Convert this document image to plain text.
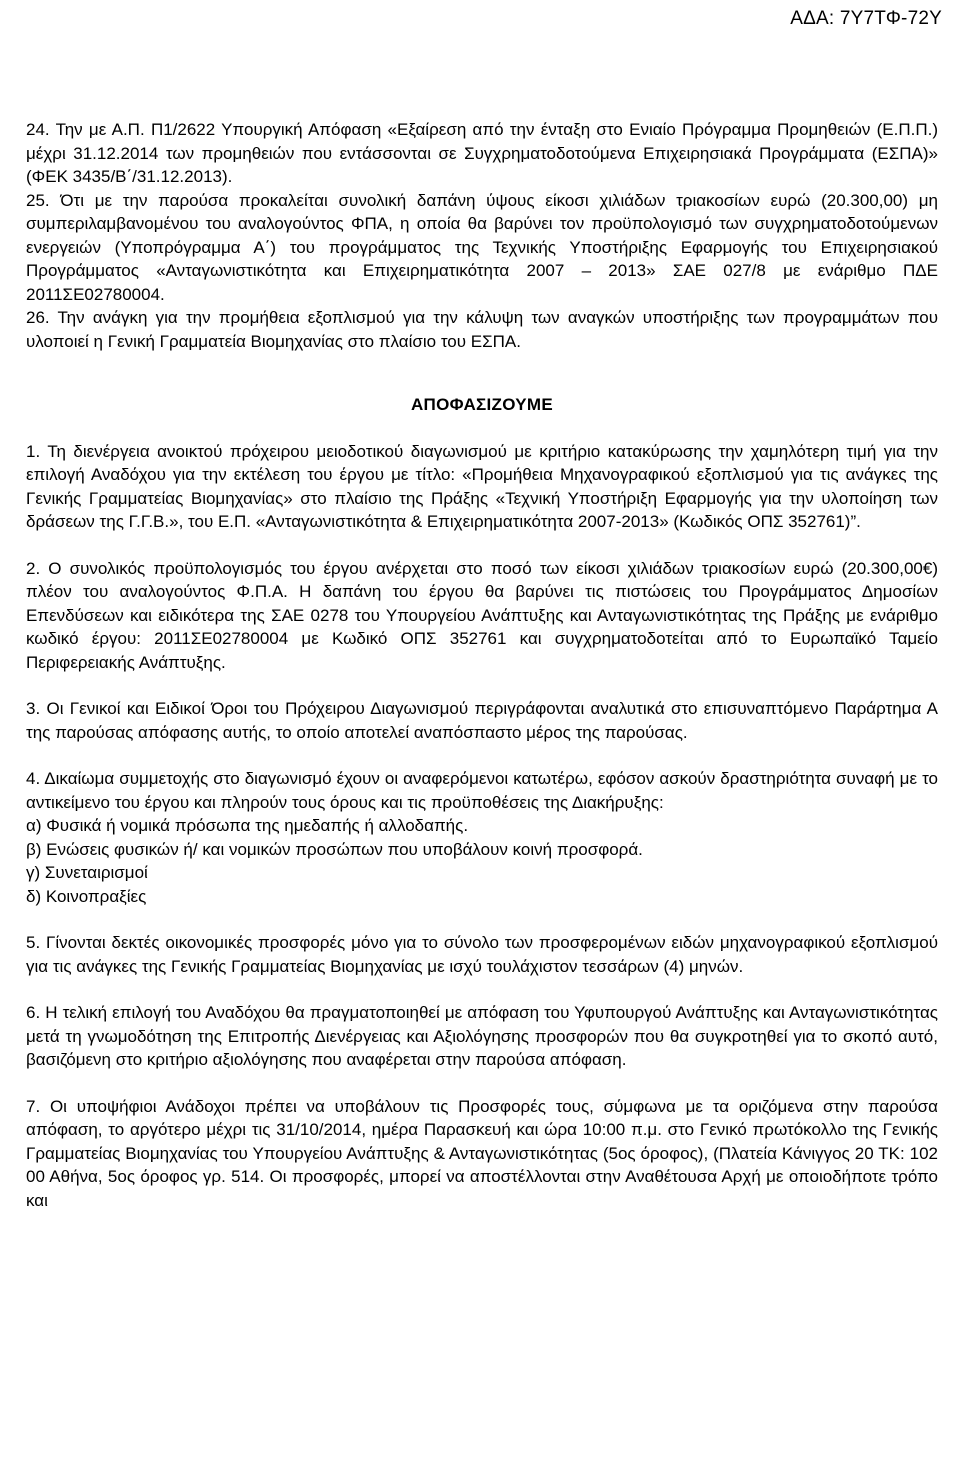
ΑΔΑ: 7Υ7ΤΦ-72Υ

24. Την με Α.Π. Π1/2622 Υπουργική Απόφαση «Εξαίρεση από την ένταξη στο Ενιαίο Πρόγραμμα Προμηθειών (Ε.Π.Π.) μέχρι 31.12.2014 των προμηθειών που εντάσσονται σε Συγχρηματοδοτούμενα Επιχειρησιακά Προγράμματα (ΕΣΠΑ)» (ΦΕΚ 3435/Β΄/31.12.2013).

25. Ότι με την παρούσα προκαλείται συνολική δαπάνη ύψους είκοσι χιλιάδων τριακοσίων ευρώ (20.300,00) μη συμπεριλαμβανομένου του αναλογούντος ΦΠΑ, η οποία θα βαρύνει τον προϋπολογισμό των συγχρηματοδοτούμενων ενεργειών (Υποπρόγραμμα Α΄) του προγράμματος της Τεχνικής Υποστήριξης Εφαρμογής του Επιχειρησιακού Προγράμματος «Ανταγωνιστικότητα και Επιχειρηματικότητα 2007 – 2013» ΣΑΕ 027/8 με ενάριθμο ΠΔΕ 2011ΣΕ02780004.

26. Την ανάγκη για την προμήθεια εξοπλισμού για την κάλυψη των αναγκών υποστήριξης των προγραμμάτων που υλοποιεί η Γενική Γραμματεία Βιομηχανίας στο πλαίσιο του ΕΣΠΑ.

ΑΠΟΦΑΣΙΖΟΥΜΕ

1. Τη διενέργεια ανοικτού πρόχειρου μειοδοτικού διαγωνισμού με κριτήριο κατακύρωσης την χαμηλότερη τιμή για την επιλογή Αναδόχου για την εκτέλεση του έργου με τίτλο: «Προμήθεια Μηχανογραφικού εξοπλισμού για τις ανάγκες της Γενικής Γραμματείας Βιομηχανίας» στο πλαίσιο της Πράξης «Τεχνική Υποστήριξη Εφαρμογής για την υλοποίηση των δράσεων της Γ.Γ.Β.», του Ε.Π. «Ανταγωνιστικότητα & Επιχειρηματικότητα 2007-2013» (Κωδικός ΟΠΣ 352761)”.

2. Ο συνολικός προϋπολογισμός του έργου ανέρχεται στο ποσό των είκοσι χιλιάδων τριακοσίων ευρώ (20.300,00€) πλέον του αναλογούντος Φ.Π.Α. Η δαπάνη του έργου θα βαρύνει τις πιστώσεις του Προγράμματος Δημοσίων Επενδύσεων και ειδικότερα της ΣΑΕ 0278 του Υπουργείου Ανάπτυξης και Ανταγωνιστικότητας της Πράξης με ενάριθμο κωδικό έργου: 2011ΣΕ02780004 με Κωδικό ΟΠΣ 352761 και συγχρηματοδοτείται από το Ευρωπαϊκό Ταμείο Περιφερειακής Ανάπτυξης.

3. Οι Γενικοί και Ειδικοί Όροι του Πρόχειρου Διαγωνισμού περιγράφονται αναλυτικά στο επισυναπτόμενο Παράρτημα Α της παρούσας απόφασης αυτής, το οποίο αποτελεί αναπόσπαστο μέρος της παρούσας.

4. Δικαίωμα συμμετοχής στο διαγωνισμό έχουν οι αναφερόμενοι κατωτέρω, εφόσον ασκούν δραστηριότητα συναφή με το αντικείμενο του έργου και πληρούν τους όρους και τις προϋποθέσεις της Διακήρυξης:

α) Φυσικά ή νομικά πρόσωπα της ημεδαπής ή αλλοδαπής.

β) Ενώσεις φυσικών ή/ και νομικών προσώπων που υποβάλουν κοινή προσφορά.

γ) Συνεταιρισμοί

δ) Κοινοπραξίες

5. Γίνονται δεκτές οικονομικές προσφορές μόνο για το σύνολο των προσφερομένων ειδών μηχανογραφικού εξοπλισμού για τις ανάγκες της Γενικής Γραμματείας Βιομηχανίας με ισχύ τουλάχιστον τεσσάρων (4) μηνών.

6. Η τελική επιλογή του Αναδόχου θα πραγματοποιηθεί με απόφαση του Υφυπουργού Ανάπτυξης και Ανταγωνιστικότητας μετά τη γνωμοδότηση της Επιτροπής Διενέργειας και Αξιολόγησης προσφορών που θα συγκροτηθεί για το σκοπό αυτό, βασιζόμενη στο κριτήριο αξιολόγησης που αναφέρεται στην παρούσα απόφαση.

7. Οι υποψήφιοι Ανάδοχοι πρέπει να υποβάλουν τις Προσφορές τους, σύμφωνα με τα οριζόμενα στην παρούσα απόφαση, το αργότερο μέχρι τις 31/10/2014, ημέρα Παρασκευή και ώρα 10:00 π.μ. στο Γενικό πρωτόκολλο της Γενικής Γραμματείας Βιομηχανίας του Υπουργείου Ανάπτυξης & Ανταγωνιστικότητας (5ος όροφος), (Πλατεία Κάνιγγος 20 ΤΚ: 102 00 Αθήνα, 5ος όροφος γρ. 514. Οι προσφορές, μπορεί να αποστέλλονται στην Αναθέτουσα Αρχή με οποιοδήποτε τρόπο και
